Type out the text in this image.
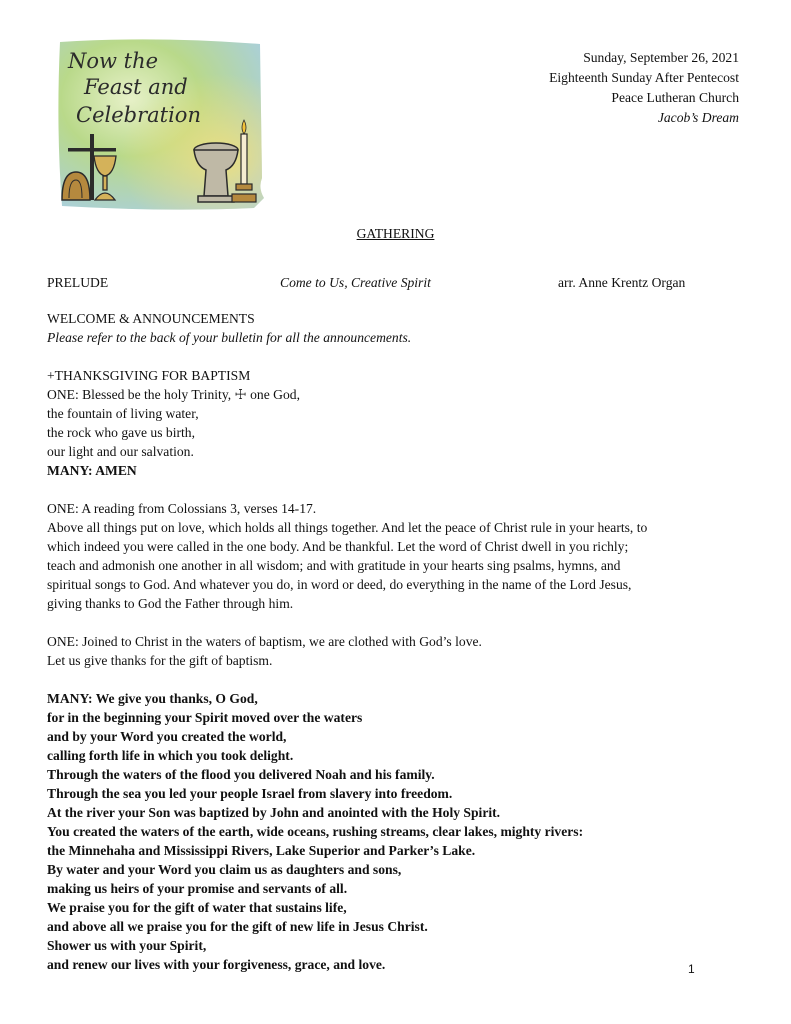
Now the
Feast and
Celebration
Sunday, September 26, 2021
Eighteenth Sunday After Pentecost
Peace Lutheran Church
Jacob’s Dream
GATHERING
PRELUDE	Come to Us, Creative Spirit	arr. Anne Krentz Organ
WELCOME & ANNOUNCEMENTS
Please refer to the back of your bulletin for all the announcements.
+THANKSGIVING FOR BAPTISM
ONE: Blessed be the holy Trinity, ☩ one God,
the fountain of living water,
the rock who gave us birth,
our light and our salvation.
MANY: AMEN
ONE: A reading from Colossians 3, verses 14-17.
Above all things put on love, which holds all things together. And let the peace of Christ rule in your hearts, to
which indeed you were called in the one body. And be thankful. Let the word of Christ dwell in you richly;
teach and admonish one another in all wisdom; and with gratitude in your hearts sing psalms, hymns, and
spiritual songs to God. And whatever you do, in word or deed, do everything in the name of the Lord Jesus,
giving thanks to God the Father through him.
ONE: Joined to Christ in the waters of baptism, we are clothed with God’s love.
Let us give thanks for the gift of baptism.
MANY: We give you thanks, O God,
for in the beginning your Spirit moved over the waters
and by your Word you created the world,
calling forth life in which you took delight.
Through the waters of the flood you delivered Noah and his family.
Through the sea you led your people Israel from slavery into freedom.
At the river your Son was baptized by John and anointed with the Holy Spirit.
You created the waters of the earth, wide oceans, rushing streams, clear lakes, mighty rivers:
the Minnehaha and Mississippi Rivers, Lake Superior and Parker’s Lake.
By water and your Word you claim us as daughters and sons,
making us heirs of your promise and servants of all.
We praise you for the gift of water that sustains life,
and above all we praise you for the gift of new life in Jesus Christ.
Shower us with your Spirit,
and renew our lives with your forgiveness, grace, and love.	1
